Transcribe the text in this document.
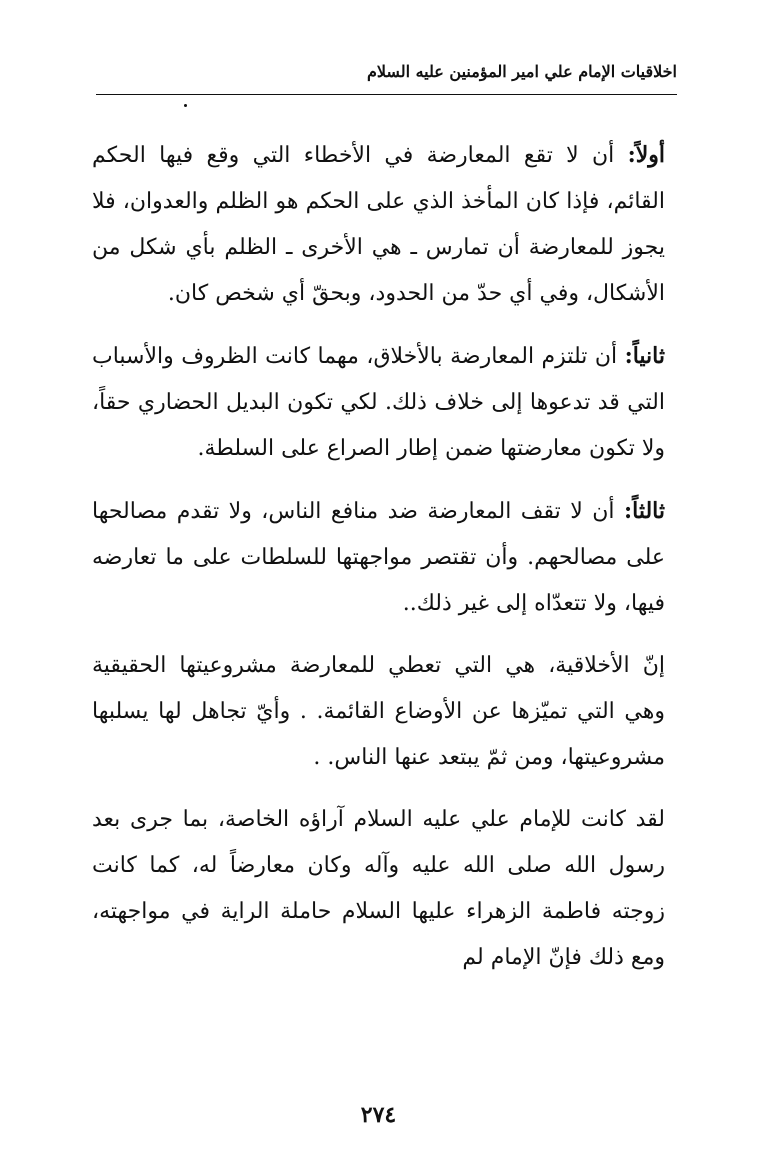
اخلاقيات الإمام علي امير المؤمنين عليه السلام

أولاً: أن لا تقع المعارضة في الأخطاء التي وقع فيها الحكم القائم، فإذا كان المأخذ الذي على الحكم هو الظلم والعدوان، فلا يجوز للمعارضة أن تمارس ـ هي الأخرى ـ الظلم بأي شكل من الأشكال، وفي أي حدّ من الحدود، وبحقّ أي شخص كان.

ثانياً: أن تلتزم المعارضة بالأخلاق، مهما كانت الظروف والأسباب التي قد تدعوها إلى خلاف ذلك. لكي تكون البديل الحضاري حقاً، ولا تكون معارضتها ضمن إطار الصراع على السلطة.

ثالثاً: أن لا تقف المعارضة ضد منافع الناس، ولا تقدم مصالحها على مصالحهم. وأن تقتصر مواجهتها للسلطات على ما تعارضه فيها، ولا تتعدّاه إلى غير ذلك..

إنّ الأخلاقية، هي التي تعطي للمعارضة مشروعيتها الحقيقية وهي التي تميّزها عن الأوضاع القائمة. . وأيّ تجاهل لها يسلبها مشروعيتها، ومن ثمّ يبتعد عنها الناس. .

لقد كانت للإمام علي عليه السلام آراؤه الخاصة، بما جرى بعد رسول الله صلى الله عليه وآله وكان معارضاً له، كما كانت زوجته فاطمة الزهراء عليها السلام حاملة الراية في مواجهته، ومع ذلك فإنّ الإمام لم

٢٧٤
